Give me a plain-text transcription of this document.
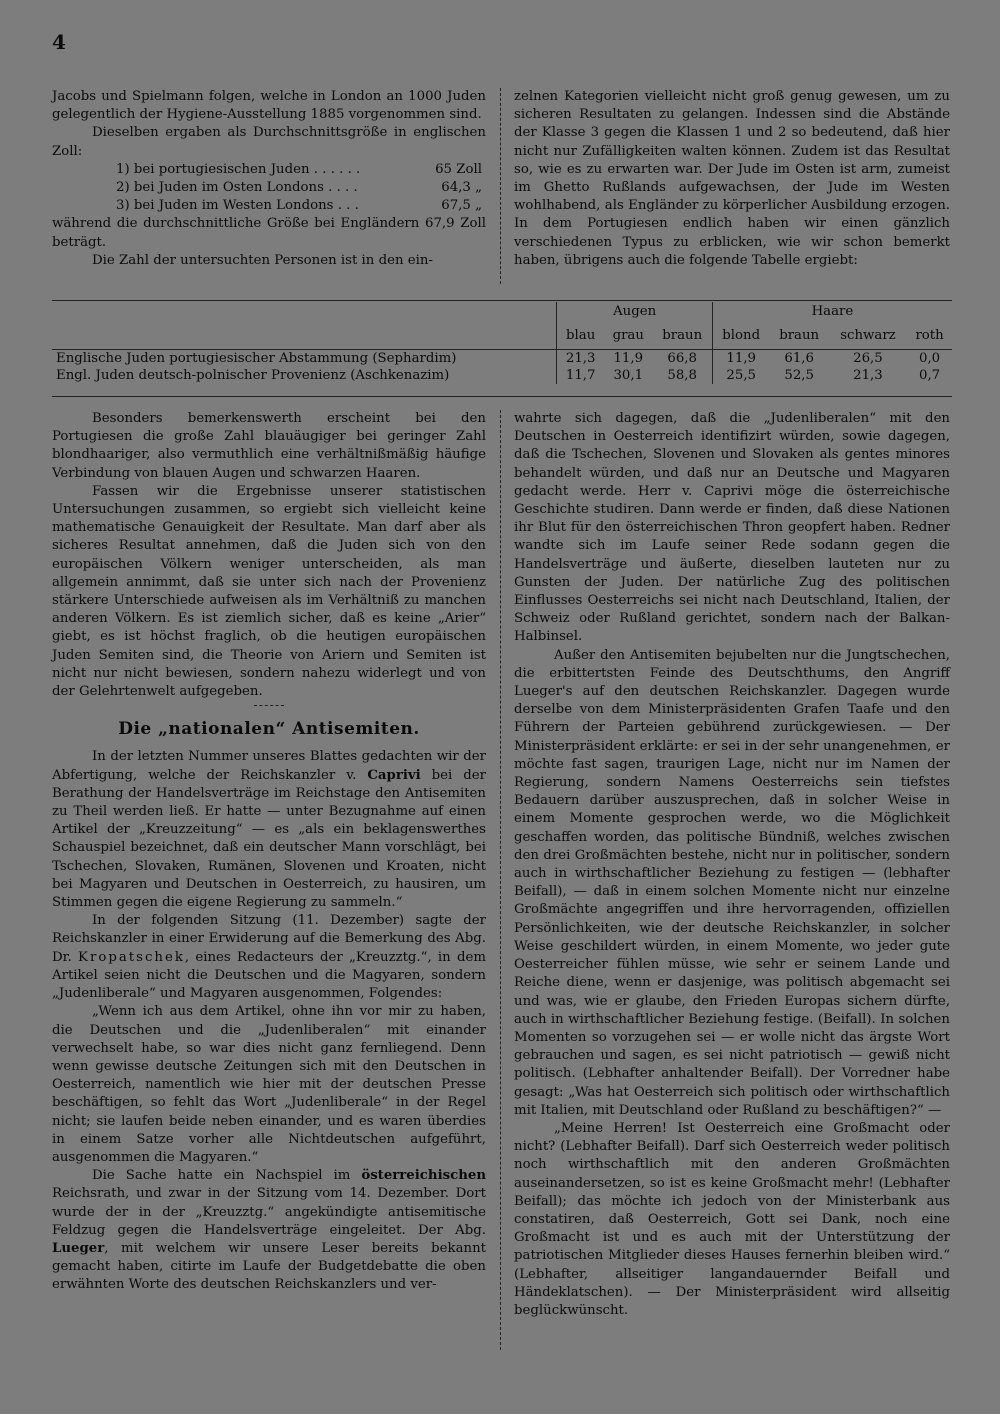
4

Jacobs und Spielmann folgen, welche in London an 1000 Juden gelegentlich der Hygiene-Ausstellung 1885 vorgenommen sind.

Dieselben ergaben als Durchschnittsgröße in englischen Zoll:

1) bei portugiesischen Juden . . . . . .	65 Zoll
2) bei Juden im Osten Londons . . . .	64,3 „
3) bei Juden im Westen Londons . . .	67,5 „

während die durchschnittliche Größe bei Engländern 67,9 Zoll beträgt.

Die Zahl der untersuchten Personen ist in den ein-

zelnen Kategorien vielleicht nicht groß genug gewesen, um zu sicheren Resultaten zu gelangen. Indessen sind die Abstände der Klasse 3 gegen die Klassen 1 und 2 so bedeutend, daß hier nicht nur Zufälligkeiten walten können. Zudem ist das Resultat so, wie es zu erwarten war. Der Jude im Osten ist arm, zumeist im Ghetto Rußlands aufgewachsen, der Jude im Westen wohlhabend, als Engländer zu körperlicher Ausbildung erzogen. In dem Portugiesen endlich haben wir einen gänzlich verschiedenen Typus zu erblicken, wie wir schon bemerkt haben, übrigens auch die folgende Tabelle ergiebt:

	Augen			Haare			
	blau	grau	braun	blond	braun	schwarz	roth
Englische Juden portugiesischer Abstammung (Sephardim)	21,3	11,9	66,8	11,9	61,6	26,5	0,0
Engl. Juden deutsch-polnischer Provenienz (Aschkenazim)	11,7	30,1	58,8	25,5	52,5	21,3	0,7

Besonders bemerkenswerth erscheint bei den Portugiesen die große Zahl blauäugiger bei geringer Zahl blondhaariger, also vermuthlich eine verhältnißmäßig häufige Verbindung von blauen Augen und schwarzen Haaren.

Fassen wir die Ergebnisse unserer statistischen Untersuchungen zusammen, so ergiebt sich vielleicht keine mathematische Genauigkeit der Resultate. Man darf aber als sicheres Resultat annehmen, daß die Juden sich von den europäischen Völkern weniger unterscheiden, als man allgemein annimmt, daß sie unter sich nach der Provenienz stärkere Unterschiede aufweisen als im Verhältniß zu manchen anderen Völkern. Es ist ziemlich sicher, daß es keine „Arier“ giebt, es ist höchst fraglich, ob die heutigen europäischen Juden Semiten sind, die Theorie von Ariern und Semiten ist nicht nur nicht bewiesen, sondern nahezu widerlegt und von der Gelehrtenwelt aufgegeben.

Die „nationalen“ Antisemiten.

In der letzten Nummer unseres Blattes gedachten wir der Abfertigung, welche der Reichskanzler v. Caprivi bei der Berathung der Handelsverträge im Reichstage den Antisemiten zu Theil werden ließ. Er hatte — unter Bezugnahme auf einen Artikel der „Kreuzzeitung“ — es „als ein beklagenswerthes Schauspiel bezeichnet, daß ein deutscher Mann vorschlägt, bei Tschechen, Slovaken, Rumänen, Slovenen und Kroaten, nicht bei Magyaren und Deutschen in Oesterreich, zu hausiren, um Stimmen gegen die eigene Regierung zu sammeln.“

In der folgenden Sitzung (11. Dezember) sagte der Reichskanzler in einer Erwiderung auf die Bemerkung des Abg. Dr. Kropatschek, eines Redacteurs der „Kreuzztg.“, in dem Artikel seien nicht die Deutschen und die Magyaren, sondern „Judenliberale“ und Magyaren ausgenommen, Folgendes:

„Wenn ich aus dem Artikel, ohne ihn vor mir zu haben, die Deutschen und die „Judenliberalen“ mit einander verwechselt habe, so war dies nicht ganz fernliegend. Denn wenn gewisse deutsche Zeitungen sich mit den Deutschen in Oesterreich, namentlich wie hier mit der deutschen Presse beschäftigen, so fehlt das Wort „Judenliberale“ in der Regel nicht; sie laufen beide neben einander, und es waren überdies in einem Satze vorher alle Nichtdeutschen aufgeführt, ausgenommen die Magyaren.“

Die Sache hatte ein Nachspiel im österreichischen Reichsrath, und zwar in der Sitzung vom 14. Dezember. Dort wurde der in der „Kreuzztg.“ angekündigte antisemitische Feldzug gegen die Handelsverträge eingeleitet. Der Abg. Lueger, mit welchem wir unsere Leser bereits bekannt gemacht haben, citirte im Laufe der Budgetdebatte die oben erwähnten Worte des deutschen Reichskanzlers und ver-

wahrte sich dagegen, daß die „Judenliberalen“ mit den Deutschen in Oesterreich identifizirt würden, sowie dagegen, daß die Tschechen, Slovenen und Slovaken als gentes minores behandelt würden, und daß nur an Deutsche und Magyaren gedacht werde. Herr v. Caprivi möge die österreichische Geschichte studiren. Dann werde er finden, daß diese Nationen ihr Blut für den österreichischen Thron geopfert haben. Redner wandte sich im Laufe seiner Rede sodann gegen die Handelsverträge und äußerte, dieselben lauteten nur zu Gunsten der Juden. Der natürliche Zug des politischen Einflusses Oesterreichs sei nicht nach Deutschland, Italien, der Schweiz oder Rußland gerichtet, sondern nach der Balkan-Halbinsel.

Außer den Antisemiten bejubelten nur die Jungtschechen, die erbittertsten Feinde des Deutschthums, den Angriff Lueger's auf den deutschen Reichskanzler. Dagegen wurde derselbe von dem Ministerpräsidenten Grafen Taafe und den Führern der Parteien gebührend zurückgewiesen. — Der Ministerpräsident erklärte: er sei in der sehr unangenehmen, er möchte fast sagen, traurigen Lage, nicht nur im Namen der Regierung, sondern Namens Oesterreichs sein tiefstes Bedauern darüber auszusprechen, daß in solcher Weise in einem Momente gesprochen werde, wo die Möglichkeit geschaffen worden, das politische Bündniß, welches zwischen den drei Großmächten bestehe, nicht nur in politischer, sondern auch in wirthschaftlicher Beziehung zu festigen — (lebhafter Beifall), — daß in einem solchen Momente nicht nur einzelne Großmächte angegriffen und ihre hervorragenden, offiziellen Persönlichkeiten, wie der deutsche Reichskanzler, in solcher Weise geschildert würden, in einem Momente, wo jeder gute Oesterreicher fühlen müsse, wie sehr er seinem Lande und Reiche diene, wenn er dasjenige, was politisch abgemacht sei und was, wie er glaube, den Frieden Europas sichern dürfte, auch in wirthschaftlicher Beziehung festige. (Beifall). In solchen Momenten so vorzugehen sei — er wolle nicht das ärgste Wort gebrauchen und sagen, es sei nicht patriotisch — gewiß nicht politisch. (Lebhafter anhaltender Beifall). Der Vorredner habe gesagt: „Was hat Oesterreich sich politisch oder wirthschaftlich mit Italien, mit Deutschland oder Rußland zu beschäftigen?“ —

„Meine Herren! Ist Oesterreich eine Großmacht oder nicht? (Lebhafter Beifall). Darf sich Oesterreich weder politisch noch wirthschaftlich mit den anderen Großmächten auseinandersetzen, so ist es keine Großmacht mehr! (Lebhafter Beifall); das möchte ich jedoch von der Ministerbank aus constatiren, daß Oesterreich, Gott sei Dank, noch eine Großmacht ist und es auch mit der Unterstützung der patriotischen Mitglieder dieses Hauses fernerhin bleiben wird.“ (Lebhafter, allseitiger langandauernder Beifall und Händeklatschen). — Der Ministerpräsident wird allseitig beglückwünscht.
